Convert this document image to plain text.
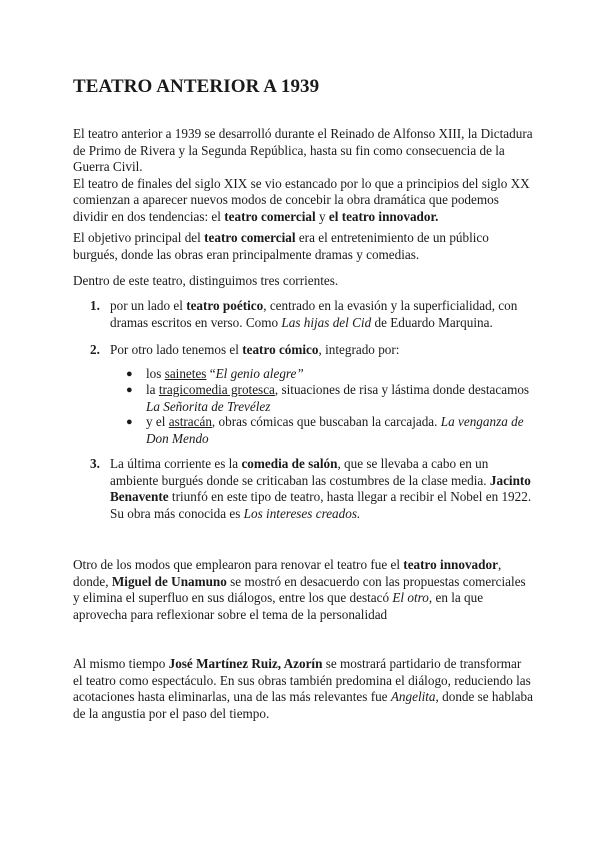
TEATRO ANTERIOR A 1939

El teatro anterior a 1939 se desarrolló durante el Reinado de Alfonso XIII, la Dictadura de Primo de Rivera y la Segunda República, hasta su fin como consecuencia de la Guerra Civil.

El teatro de finales del siglo XIX se vio estancado por lo que a principios del siglo XX comienzan a aparecer nuevos modos de concebir la obra dramática que podemos dividir en dos tendencias: el teatro comercial y el teatro innovador.

El objetivo principal del teatro comercial era el entretenimiento de un público burgués, donde las obras eran principalmente dramas y comedias.

Dentro de este teatro, distinguimos tres corrientes.

1. por un lado el teatro poético, centrado en la evasión y la superficialidad, con dramas escritos en verso. Como Las hijas del Cid de Eduardo Marquina.
2. Por otro lado tenemos el teatro cómico, integrado por:
● los sainetes “El genio alegre”
● la tragicomedia grotesca, situaciones de risa y lástima donde destacamos La Señorita de Trevélez
● y el astracán, obras cómicas que buscaban la carcajada. La venganza de Don Mendo
3. La última corriente es la comedia de salón, que se llevaba a cabo en un ambiente burgués donde se criticaban las costumbres de la clase media. Jacinto Benavente triunfó en este tipo de teatro, hasta llegar a recibir el Nobel en 1922. Su obra más conocida es Los intereses creados.

Otro de los modos que emplearon para renovar el teatro fue el teatro innovador, donde, Miguel de Unamuno se mostró en desacuerdo con las propuestas comerciales y elimina el superfluo en sus diálogos, entre los que destacó El otro, en la que aprovecha para reflexionar sobre el tema de la personalidad

Al mismo tiempo José Martínez Ruiz, Azorín se mostrará partidario de transformar el teatro como espectáculo. En sus obras también predomina el diálogo, reduciendo las acotaciones hasta eliminarlas, una de las más relevantes fue Angelita, donde se hablaba de la angustia por el paso del tiempo.
